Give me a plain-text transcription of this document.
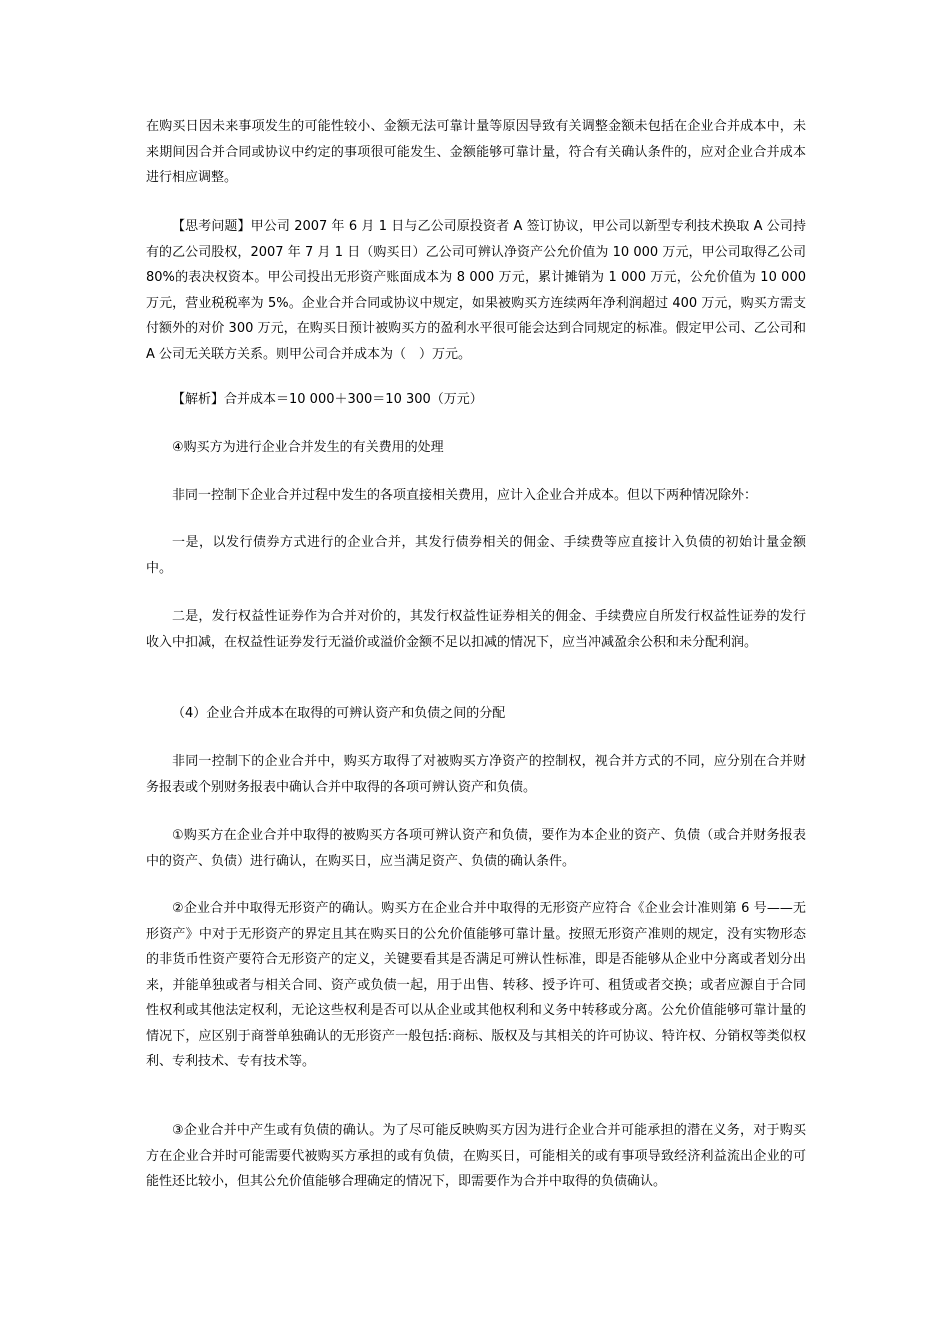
在购买日因未来事项发生的可能性较小、金额无法可靠计量等原因导致有关调整金额未包括在企业合并成本中，未来期间因合并合同或协议中约定的事项很可能发生、金额能够可靠计量，符合有关确认条件的，应对企业合并成本进行相应调整。

【思考问题】甲公司 2007 年 6 月 1 日与乙公司原投资者 A 签订协议，甲公司以新型专利技术换取 A 公司持有的乙公司股权，2007 年 7 月 1 日（购买日）乙公司可辨认净资产公允价值为 10 000 万元，甲公司取得乙公司 80%的表决权资本。甲公司投出无形资产账面成本为 8 000 万元，累计摊销为 1 000 万元，公允价值为 10 000 万元，营业税税率为 5%。企业合并合同或协议中规定，如果被购买方连续两年净利润超过 400 万元，购买方需支付额外的对价 300 万元，在购买日预计被购买方的盈利水平很可能会达到合同规定的标准。假定甲公司、乙公司和 A 公司无关联方关系。则甲公司合并成本为（　）万元。

【解析】合并成本＝10 000＋300＝10 300（万元）

④购买方为进行企业合并发生的有关费用的处理

非同一控制下企业合并过程中发生的各项直接相关费用，应计入企业合并成本。但以下两种情况除外：

一是，以发行债券方式进行的企业合并，其发行债券相关的佣金、手续费等应直接计入负债的初始计量金额中。

二是，发行权益性证券作为合并对价的，其发行权益性证券相关的佣金、手续费应自所发行权益性证券的发行收入中扣减，在权益性证券发行无溢价或溢价金额不足以扣减的情况下，应当冲减盈余公积和未分配利润。

（4）企业合并成本在取得的可辨认资产和负债之间的分配

非同一控制下的企业合并中，购买方取得了对被购买方净资产的控制权，视合并方式的不同，应分别在合并财务报表或个别财务报表中确认合并中取得的各项可辨认资产和负债。

①购买方在企业合并中取得的被购买方各项可辨认资产和负债，要作为本企业的资产、负债（或合并财务报表中的资产、负债）进行确认，在购买日，应当满足资产、负债的确认条件。

②企业合并中取得无形资产的确认。购买方在企业合并中取得的无形资产应符合《企业会计准则第 6 号——无形资产》中对于无形资产的界定且其在购买日的公允价值能够可靠计量。按照无形资产准则的规定，没有实物形态的非货币性资产要符合无形资产的定义，关键要看其是否满足可辨认性标准，即是否能够从企业中分离或者划分出来，并能单独或者与相关合同、资产或负债一起，用于出售、转移、授予许可、租赁或者交换；或者应源自于合同性权利或其他法定权利，无论这些权利是否可以从企业或其他权利和义务中转移或分离。公允价值能够可靠计量的情况下，应区别于商誉单独确认的无形资产一般包括:商标、版权及与其相关的许可协议、特许权、分销权等类似权利、专利技术、专有技术等。

③企业合并中产生或有负债的确认。为了尽可能反映购买方因为进行企业合并可能承担的潜在义务，对于购买方在企业合并时可能需要代被购买方承担的或有负债，在购买日，可能相关的或有事项导致经济利益流出企业的可能性还比较小，但其公允价值能够合理确定的情况下，即需要作为合并中取得的负债确认。
